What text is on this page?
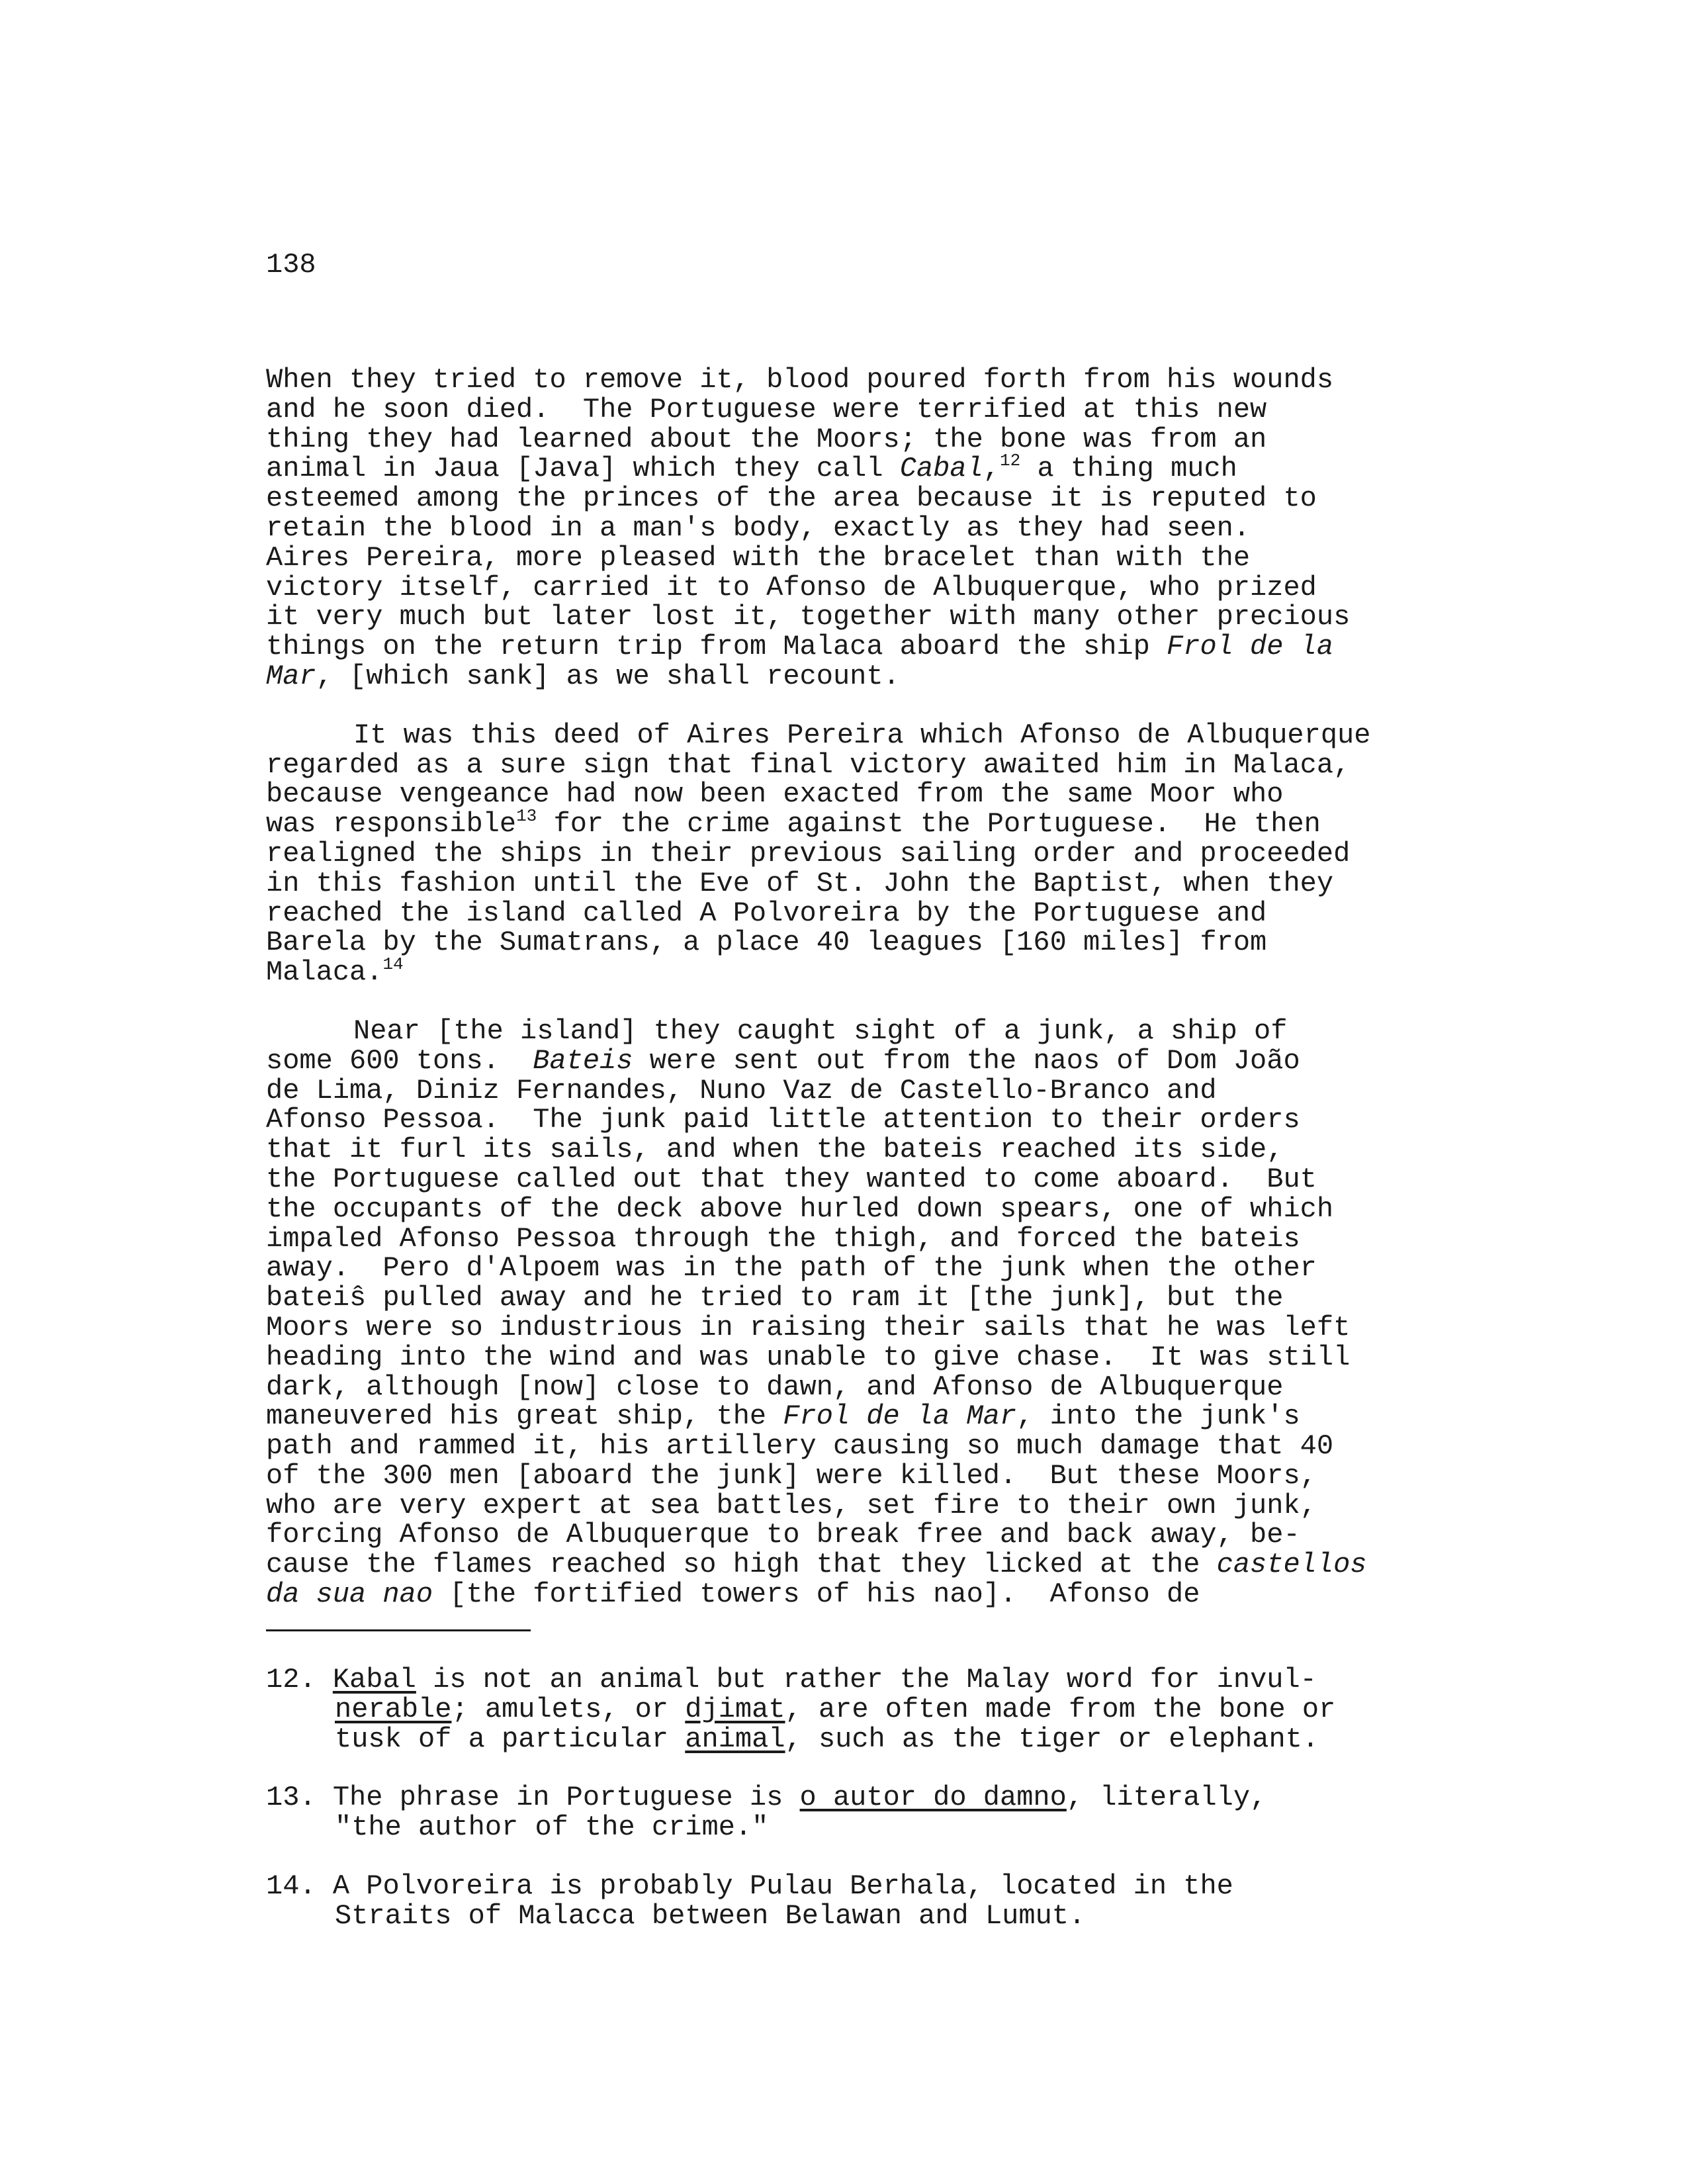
138
When they tried to remove it, blood poured forth from his wounds
and he soon died.  The Portuguese were terrified at this new
thing they had learned about the Moors; the bone was from an
animal in Jaua [Java] which they call Cabal,$^{12}$ a thing much
esteemed among the princes of the area because it is reputed to
retain the blood in a man's body, exactly as they had seen.
Aires Pereira, more pleased with the bracelet than with the
victory itself, carried it to Afonso de Albuquerque, who prized
it very much but later lost it, together with many other precious
things on the return trip from Malaca aboard the ship Frol de la
Mar, [which sank] as we shall recount.
It was this deed of Aires Pereira which Afonso de Albuquerque
regarded as a sure sign that final victory awaited him in Malaca,
because vengeance had now been exacted from the same Moor who
was responsible$^{13}$ for the crime against the Portuguese.  He then
realigned the ships in their previous sailing order and proceeded
in this fashion until the Eve of St. John the Baptist, when they
reached the island called A Polvoreira by the Portuguese and
Barela by the Sumatrans, a place 40 leagues [160 miles] from
Malaca.$^{14}$
Near [the island] they caught sight of a junk, a ship of
some 600 tons.  Bateis were sent out from the naos of Dom João
de Lima, Diniz Fernandes, Nuno Vaz de Castello-Branco and
Afonso Pessoa.  The junk paid little attention to their orders
that it furl its sails, and when the bateis reached its side,
the Portuguese called out that they wanted to come aboard.  But
the occupants of the deck above hurled down spears, one of which
impaled Afonso Pessoa through the thigh, and forced the bateis
away.  Pero d'Alpoem was in the path of the junk when the other
bateiŝ pulled away and he tried to ram it [the junk], but the
Moors were so industrious in raising their sails that he was left
heading into the wind and was unable to give chase.  It was still
dark, although [now] close to dawn, and Afonso de Albuquerque
maneuvered his great ship, the Frol de la Mar, into the junk's
path and rammed it, his artillery causing so much damage that 40
of the 300 men [aboard the junk] were killed.  But these Moors,
who are very expert at sea battles, set fire to their own junk,
forcing Afonso de Albuquerque to break free and back away, be-
cause the flames reached so high that they licked at the castellos
da sua nao [the fortified towers of his nao].  Afonso de
12. Kabal is not an animal but rather the Malay word for invul-
nerable; amulets, or djimat, are often made from the bone or
tusk of a particular animal, such as the tiger or elephant.
13. The phrase in Portuguese is o autor do damno, literally,
"the author of the crime."
14. A Polvoreira is probably Pulau Berhala, located in the
Straits of Malacca between Belawan and Lumut.
